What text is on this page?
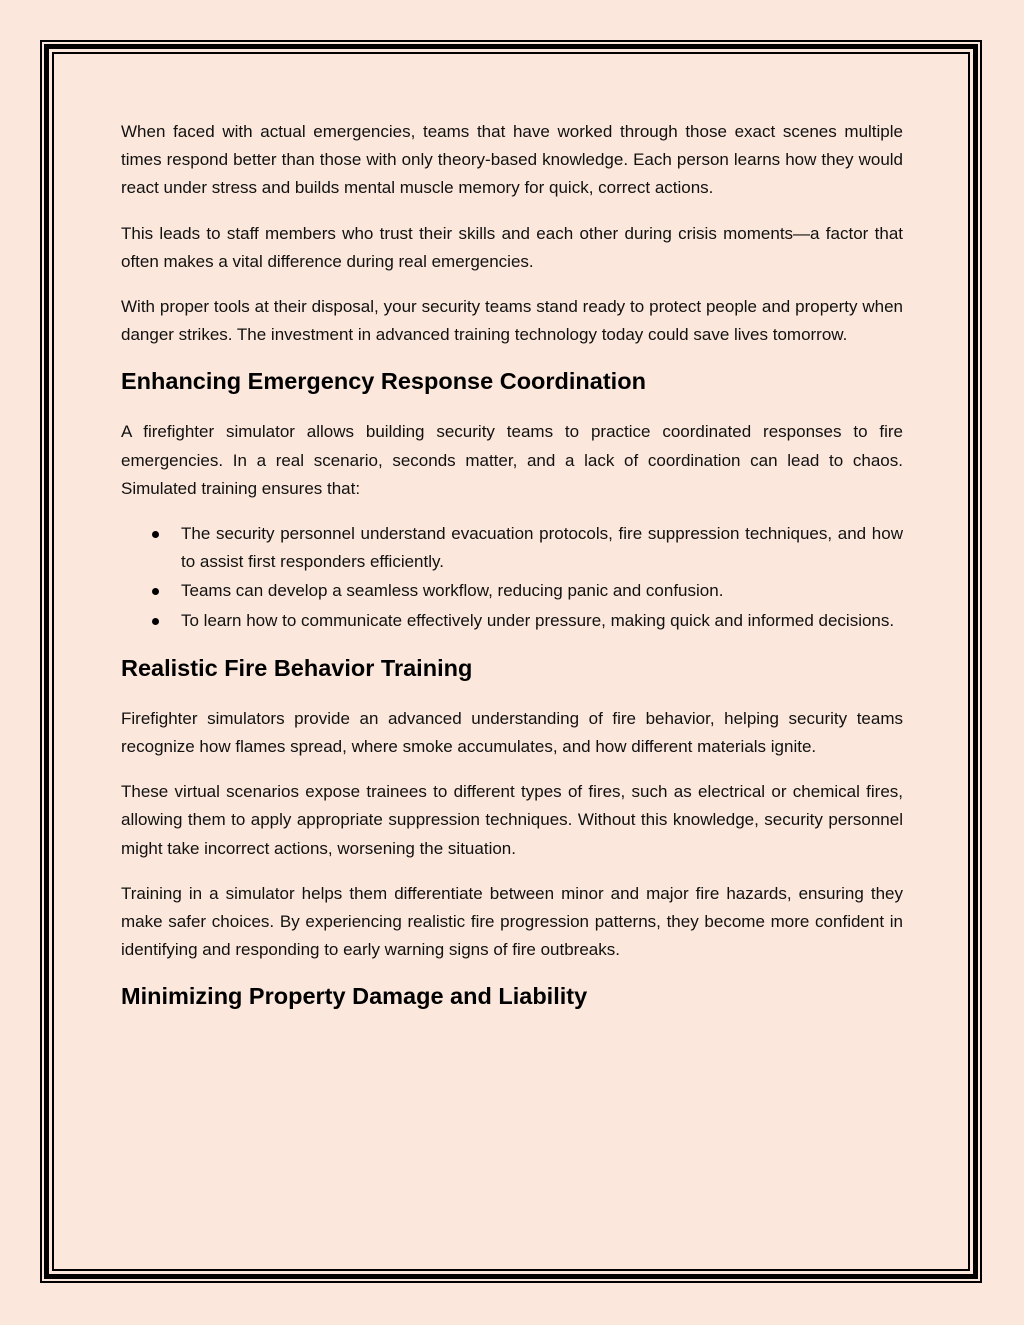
When faced with actual emergencies, teams that have worked through those exact scenes multiple times respond better than those with only theory-based knowledge. Each person learns how they would react under stress and builds mental muscle memory for quick, correct actions.

This leads to staff members who trust their skills and each other during crisis moments—a factor that often makes a vital difference during real emergencies.

With proper tools at their disposal, your security teams stand ready to protect people and property when danger strikes. The investment in advanced training technology today could save lives tomorrow.

Enhancing Emergency Response Coordination

A firefighter simulator allows building security teams to practice coordinated responses to fire emergencies. In a real scenario, seconds matter, and a lack of coordination can lead to chaos. Simulated training ensures that:

The security personnel understand evacuation protocols, fire suppression techniques, and how to assist first responders efficiently.
Teams can develop a seamless workflow, reducing panic and confusion.
To learn how to communicate effectively under pressure, making quick and informed decisions.
Realistic Fire Behavior Training

Firefighter simulators provide an advanced understanding of fire behavior, helping security teams recognize how flames spread, where smoke accumulates, and how different materials ignite.

These virtual scenarios expose trainees to different types of fires, such as electrical or chemical fires, allowing them to apply appropriate suppression techniques. Without this knowledge, security personnel might take incorrect actions, worsening the situation.

Training in a simulator helps them differentiate between minor and major fire hazards, ensuring they make safer choices. By experiencing realistic fire progression patterns, they become more confident in identifying and responding to early warning signs of fire outbreaks.

Minimizing Property Damage and Liability
